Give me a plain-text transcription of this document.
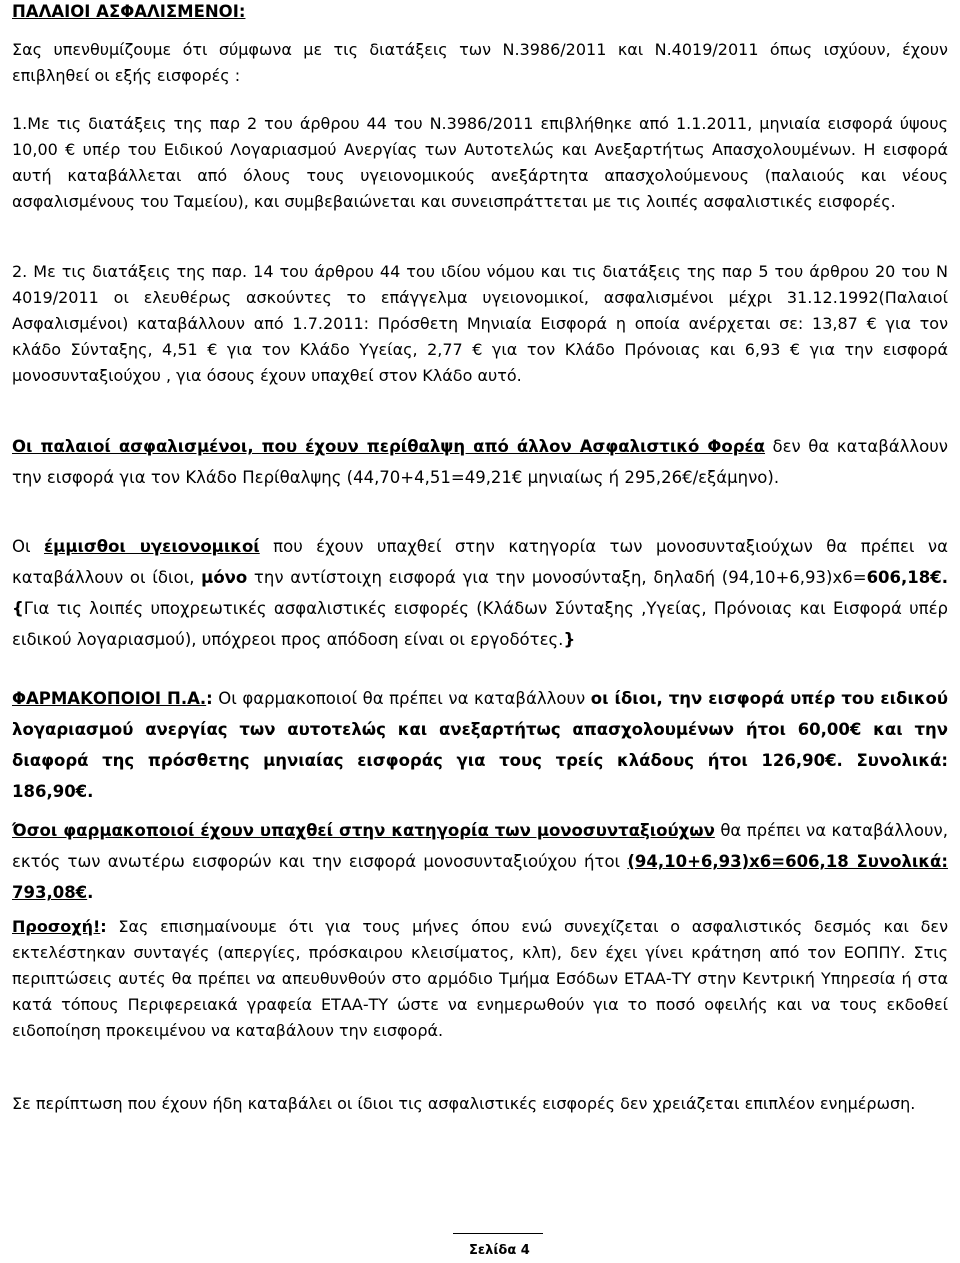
ΠΑΛΑΙΟΙ ΑΣΦΑΛΙΣΜΕΝΟΙ:

Σας υπενθυμίζουμε ότι σύμφωνα με τις διατάξεις των Ν.3986/2011 και Ν.4019/2011 όπως ισχύουν, έχουν επιβληθεί οι εξής εισφορές :

1.Με τις διατάξεις της παρ 2 του άρθρου 44 του Ν.3986/2011 επιβλήθηκε από 1.1.2011, μηνιαία εισφορά ύψους 10,00 € υπέρ του Ειδικού Λογαριασμού Ανεργίας των Αυτοτελώς και Ανεξαρτήτως Απασχολουμένων. Η εισφορά αυτή καταβάλλεται από όλους τους υγειονομικούς ανεξάρτητα απασχολούμενους (παλαιούς και νέους ασφαλισμένους του Ταμείου), και συμβεβαιώνεται και συνεισπράττεται με τις λοιπές ασφαλιστικές εισφορές.

2. Με τις διατάξεις της παρ. 14 του άρθρου 44 του ιδίου νόμου και τις διατάξεις της παρ 5 του άρθρου 20 του Ν 4019/2011 οι ελευθέρως ασκούντες το επάγγελμα υγειονομικοί, ασφαλισμένοι μέχρι 31.12.1992(Παλαιοί Ασφαλισμένοι) καταβάλλουν από 1.7.2011: Πρόσθετη Μηνιαία Εισφορά η οποία ανέρχεται σε: 13,87 € για τον κλάδο Σύνταξης, 4,51 € για τον Κλάδο Υγείας, 2,77 € για τον Κλάδο Πρόνοιας και 6,93 € για την εισφορά μονοσυνταξιούχου , για όσους έχουν υπαχθεί στον Κλάδο αυτό.

Οι παλαιοί ασφαλισμένοι, που έχουν περίθαλψη από άλλον Ασφαλιστικό Φορέα δεν θα καταβάλλουν την εισφορά για τον Κλάδο Περίθαλψης (44,70+4,51=49,21€ μηνιαίως ή 295,26€/εξάμηνο).

Οι έμμισθοι υγειονομικοί που έχουν υπαχθεί στην κατηγορία των μονοσυνταξιούχων θα πρέπει να καταβάλλουν οι ίδιοι, μόνο την αντίστοιχη εισφορά για την μονοσύνταξη, δηλαδή (94,10+6,93)x6=606,18€. {Για τις λοιπές υποχρεωτικές ασφαλιστικές εισφορές (Κλάδων Σύνταξης ,Υγείας, Πρόνοιας και Εισφορά υπέρ ειδικού λογαριασμού), υπόχρεοι προς απόδοση είναι οι εργοδότες.}

ΦΑΡΜΑΚΟΠΟΙΟΙ Π.Α.: Οι φαρμακοποιοί θα πρέπει να καταβάλλουν οι ίδιοι, την εισφορά υπέρ του ειδικού λογαριασμού ανεργίας των αυτοτελώς και ανεξαρτήτως απασχολουμένων ήτοι 60,00€ και την διαφορά της πρόσθετης μηνιαίας εισφοράς για τους τρείς κλάδους ήτοι 126,90€. Συνολικά: 186,90€.

Όσοι φαρμακοποιοί έχουν υπαχθεί στην κατηγορία των μονοσυνταξιούχων θα πρέπει να καταβάλλουν, εκτός των ανωτέρω εισφορών και την εισφορά μονοσυνταξιούχου ήτοι (94,10+6,93)x6=606,18 Συνολικά: 793,08€.

Προσοχή!: Σας επισημαίνουμε ότι για τους μήνες όπου ενώ συνεχίζεται ο ασφαλιστικός δεσμός και δεν εκτελέστηκαν συνταγές (απεργίες, πρόσκαιρου κλεισίματος, κλπ), δεν έχει γίνει κράτηση από τον ΕΟΠΠΥ. Στις περιπτώσεις αυτές θα πρέπει να απευθυνθούν στο αρμόδιο Τμήμα Εσόδων ΕΤΑΑ-ΤΥ στην Κεντρική Υπηρεσία ή στα κατά τόπους Περιφερειακά γραφεία ΕΤΑΑ-ΤΥ ώστε να ενημερωθούν για το ποσό οφειλής και να τους εκδοθεί ειδοποίηση προκειμένου να καταβάλουν την εισφορά.

Σε περίπτωση που έχουν ήδη καταβάλει οι ίδιοι τις ασφαλιστικές εισφορές δεν χρειάζεται επιπλέον ενημέρωση.

Σελίδα 4
